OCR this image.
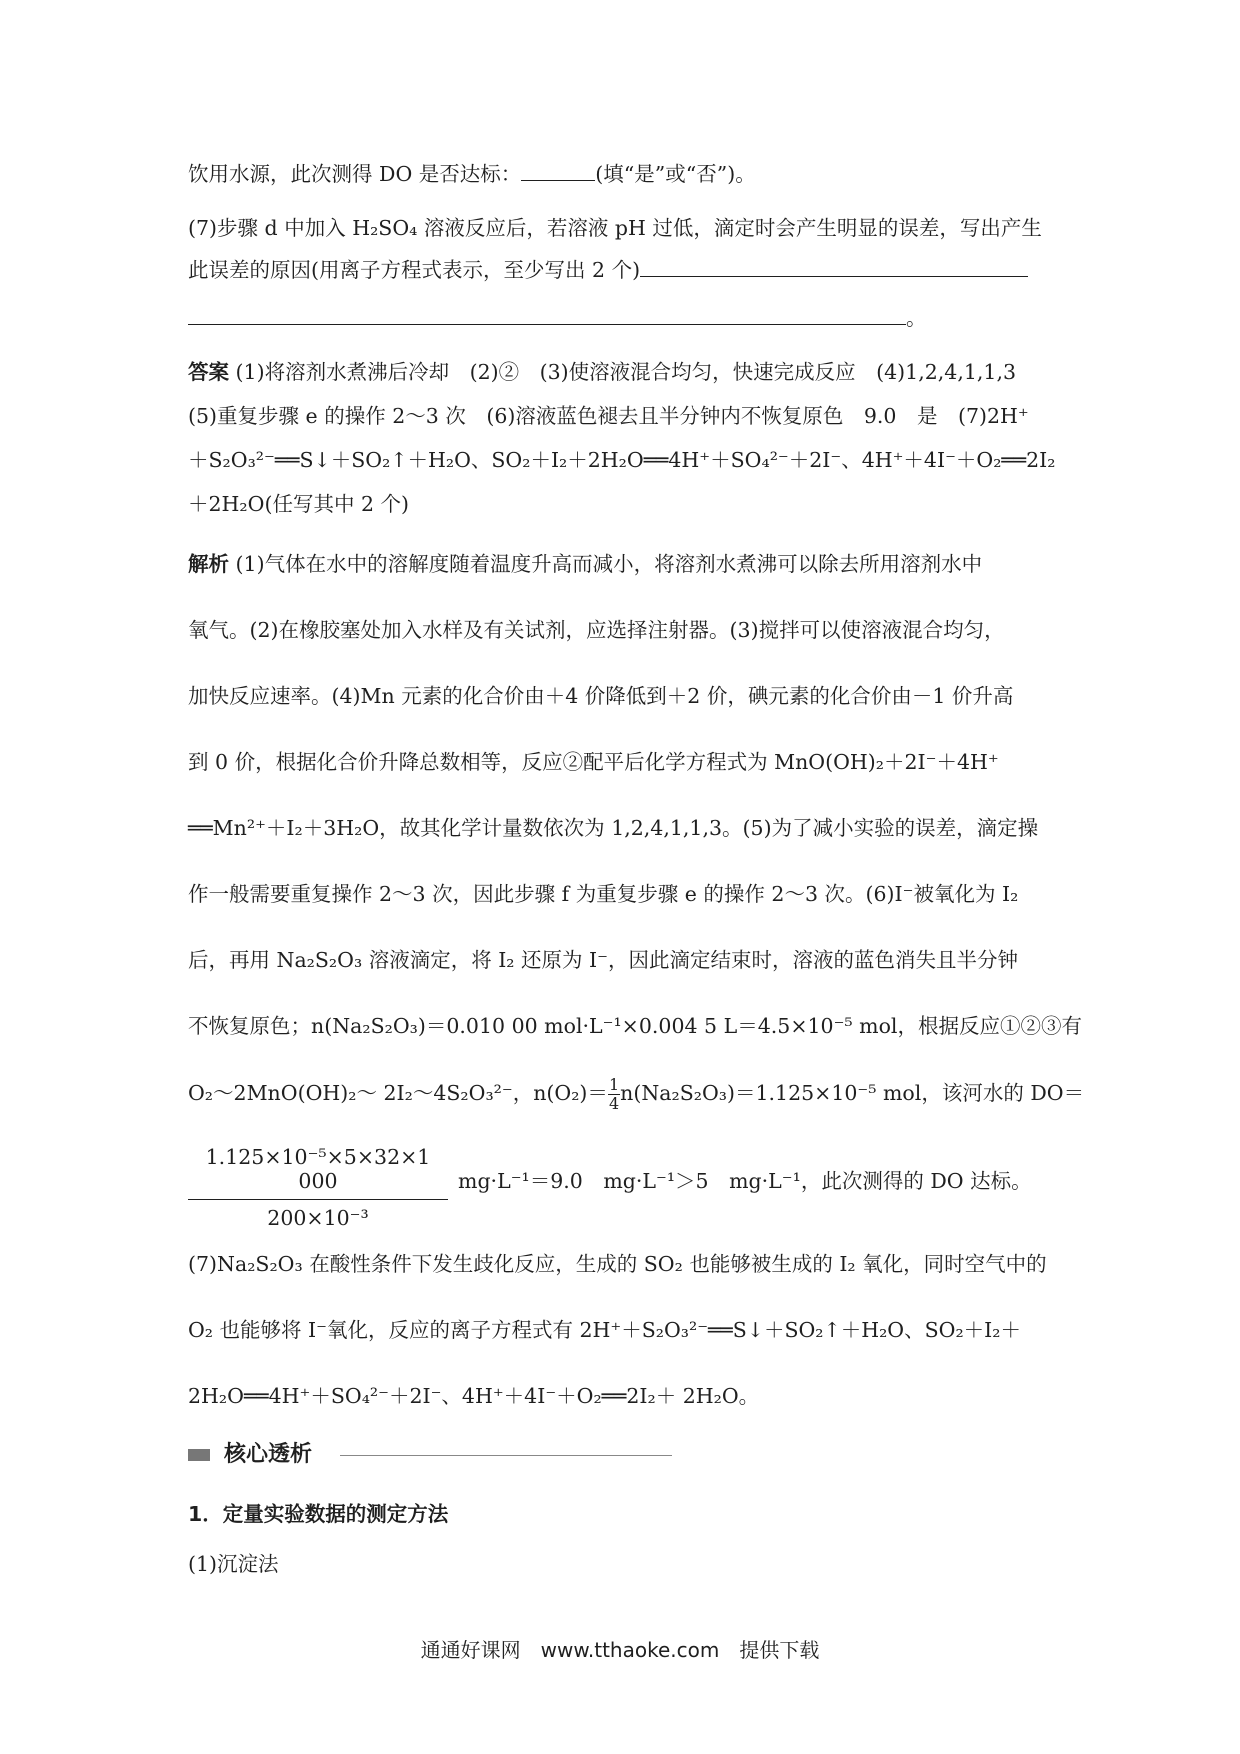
饮用水源，此次测得 DO 是否达标：	(填“是”或“否”)。
(7)步骤 d 中加入 H₂SO₄ 溶液反应后，若溶液 pH 过低，滴定时会产生明显的误差，写出产生
此误差的原因(用离子方程式表示，至少写出 2 个)
。
答案 (1)将溶剂水煮沸后冷却　(2)②　(3)使溶液混合均匀，快速完成反应　(4)1,2,4,1,1,3
(5)重复步骤 e 的操作 2～3 次　(6)溶液蓝色褪去且半分钟内不恢复原色　9.0　是　(7)2H⁺
＋S₂O₃²⁻══S↓＋SO₂↑＋H₂O、SO₂＋I₂＋2H₂O══4H⁺＋SO₄²⁻＋2I⁻、4H⁺＋4I⁻＋O₂══2I₂
＋2H₂O(任写其中 2 个)
解析 (1)气体在水中的溶解度随着温度升高而减小，将溶剂水煮沸可以除去所用溶剂水中
氧气。(2)在橡胶塞处加入水样及有关试剂，应选择注射器。(3)搅拌可以使溶液混合均匀，
加快反应速率。(4)Mn 元素的化合价由＋4 价降低到＋2 价，碘元素的化合价由－1 价升高
到 0 价，根据化合价升降总数相等，反应②配平后化学方程式为 MnO(OH)₂＋2I⁻＋4H⁺
══Mn²⁺＋I₂＋3H₂O，故其化学计量数依次为 1,2,4,1,1,3。(5)为了减小实验的误差，滴定操
作一般需要重复操作 2～3 次，因此步骤 f 为重复步骤 e 的操作 2～3 次。(6)I⁻被氧化为 I₂
后，再用 Na₂S₂O₃ 溶液滴定，将 I₂ 还原为 I⁻，因此滴定结束时，溶液的蓝色消失且半分钟
不恢复原色；n(Na₂S₂O₃)＝0.010 00 mol·L⁻¹×0.004 5 L＝4.5×10⁻⁵ mol，根据反应①②③有
O₂～2MnO(OH)₂～ 2I₂～4S₂O₃²⁻，$n(O_2)= \frac{1}{4} n(Na_2S_2O_3)=1.125\times 10^{-5}$ mol，该河水的 DO＝
$\frac{\text{1.125×10⁻⁵×5×32×1 000}}{\text{200×10⁻³}} mg\cdot L^{-1}=9.0$　mg·L⁻¹＞5　mg·L⁻¹，此次测得的 DO 达标。
(7)Na₂S₂O₃ 在酸性条件下发生歧化反应，生成的 SO₂ 也能够被生成的 I₂ 氧化，同时空气中的
O₂ 也能够将 I⁻氧化，反应的离子方程式有 2H⁺＋S₂O₃²⁻══S↓＋SO₂↑＋H₂O、SO₂＋I₂＋
2H₂O══4H⁺＋SO₄²⁻＋2I⁻、4H⁺＋4I⁻＋O₂══2I₂＋ 2H₂O。
核心透析
1．定量实验数据的测定方法
(1)沉淀法
通通好课网　www.tthaoke.com　提供下载
